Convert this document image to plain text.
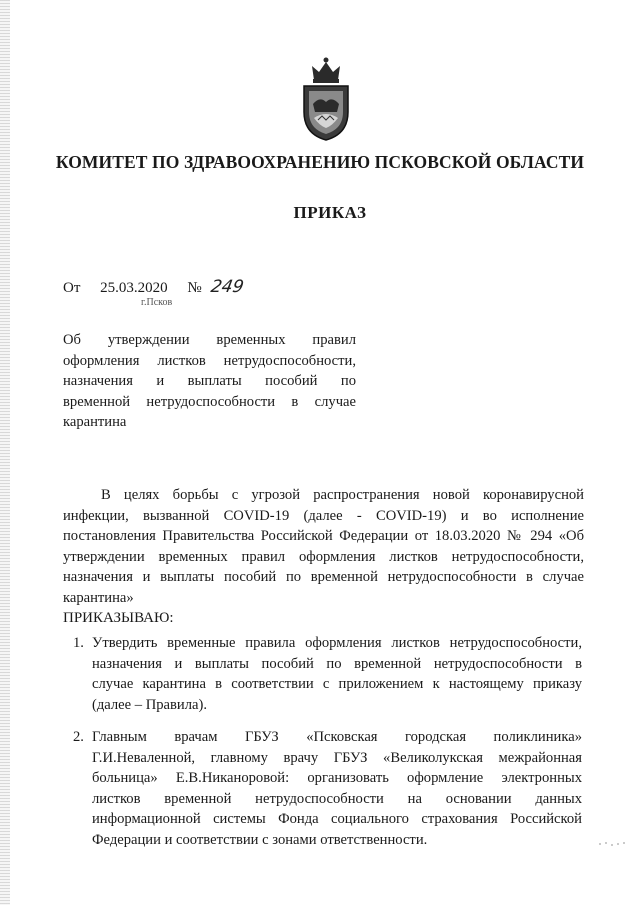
КОМИТЕТ ПО ЗДРАВООХРАНЕНИЮ ПСКОВСКОЙ ОБЛАСТИ
ПРИКАЗ
От 25.03.2020 № 249
г.Псков
Об утверждении временных правил
оформления листков нетрудоспособности,
назначения и выплаты пособий по
временной нетрудоспособности в случае
карантина
В целях борьбы с угрозой распространения новой коронавирусной
инфекции, вызванной COVID-19 (далее - COVID-19) и во исполнение
постановления Правительства Российской Федерации от 18.03.2020 № 294 «Об
утверждении временных правил оформления листков нетрудоспособности,
назначения и выплаты пособий по временной нетрудоспособности в случае
карантина»
ПРИКАЗЫВАЮ:
1. Утвердить временные правила оформления листков нетрудоспособности,
назначения и выплаты пособий по временной нетрудоспособности в
случае карантина в соответствии с приложением к настоящему приказу
(далее – Правила).
2. Главным врачам ГБУЗ «Псковская городская поликлиника»
Г.И.Неваленной, главному врачу ГБУЗ «Великолукская межрайонная
больница» Е.В.Никаноровой: организовать оформление электронных
листков временной нетрудоспособности на основании данных
информационной системы Фонда социального страхования Российской
Федерации и соответствии с зонами ответственности.
